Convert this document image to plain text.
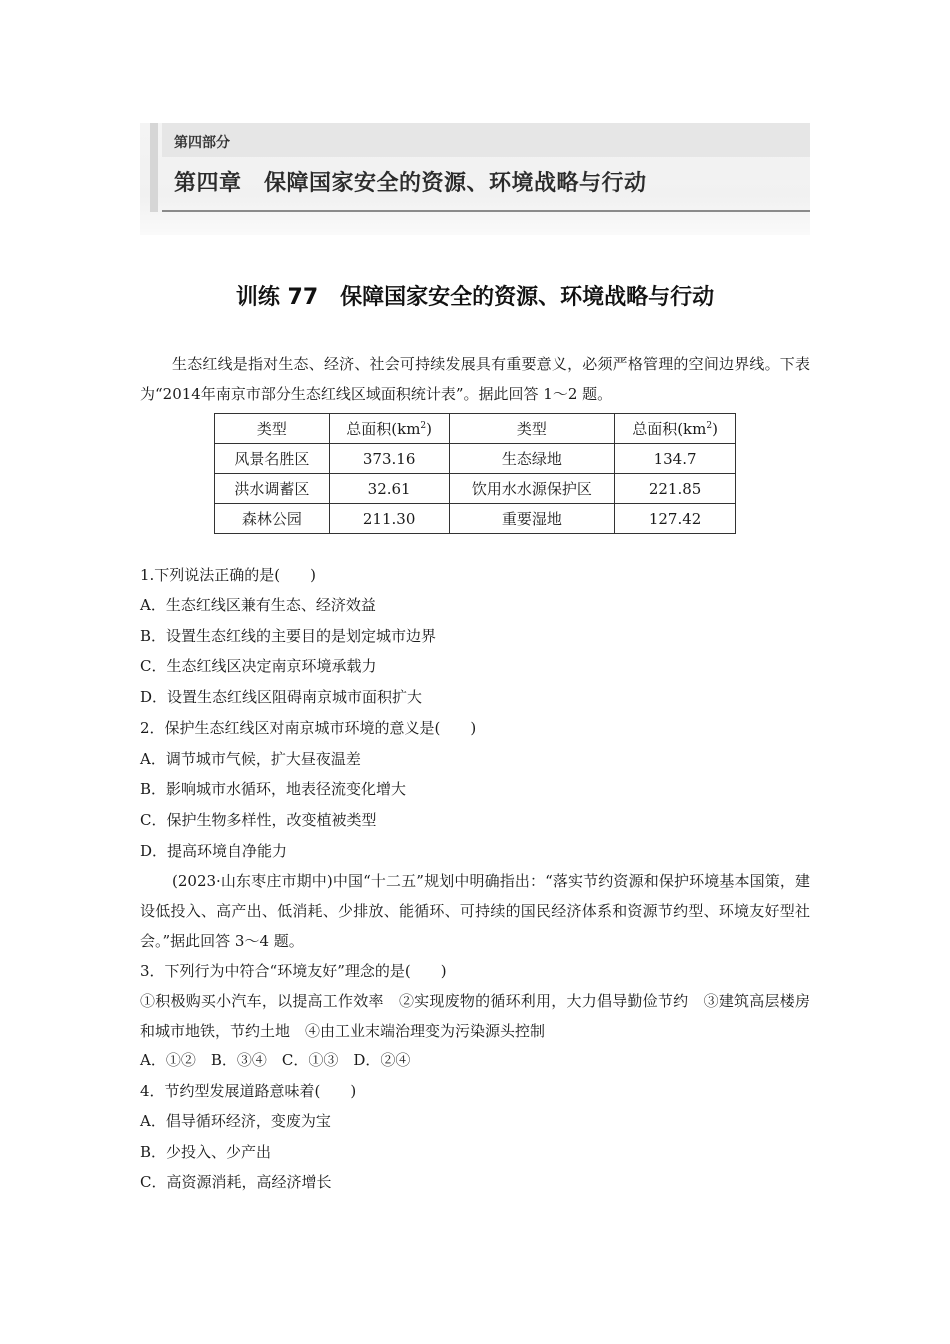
第四部分
第四章　保障国家安全的资源、环境战略与行动
训练 77　保障国家安全的资源、环境战略与行动

生态红线是指对生态、经济、社会可持续发展具有重要意义，必须严格管理的空间边界线。下表为“2014年南京市部分生态红线区域面积统计表”。据此回答 1～2 题。

类型	总面积$(km^2)$	类型	总面积$(km^2)$
风景名胜区	373.16	生态绿地	134.7
洪水调蓄区	32.61	饮用水水源保护区	221.85
森林公园	211.30	重要湿地	127.42

1.下列说法正确的是(　　)

A．生态红线区兼有生态、经济效益

B．设置生态红线的主要目的是划定城市边界

C．生态红线区决定南京环境承载力

D．设置生态红线区阻碍南京城市面积扩大

2．保护生态红线区对南京城市环境的意义是(　　)

A．调节城市气候，扩大昼夜温差

B．影响城市水循环，地表径流变化增大

C．保护生物多样性，改变植被类型

D．提高环境自净能力

(2023·山东枣庄市期中)中国“十二五”规划中明确指出：“落实节约资源和保护环境基本国策，建设低投入、高产出、低消耗、少排放、能循环、可持续的国民经济体系和资源节约型、环境友好型社会。”据此回答 3～4 题。

3．下列行为中符合“环境友好”理念的是(　　)

①积极购买小汽车，以提高工作效率　②实现废物的循环利用，大力倡导勤俭节约　③建筑高层楼房和城市地铁，节约土地　④由工业末端治理变为污染源头控制

A．①②　B．③④　C．①③　D．②④

4．节约型发展道路意味着(　　)

A．倡导循环经济，变废为宝

B．少投入、少产出

C．高资源消耗，高经济增长
